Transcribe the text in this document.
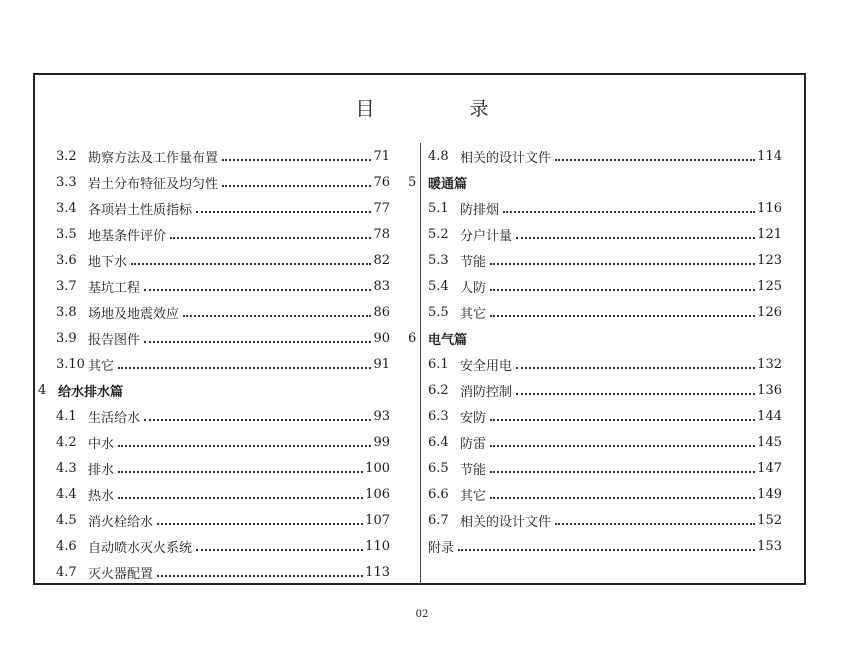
目　录
3.2 勘察方法及工作量布置	71
3.3 岩土分布特征及均匀性	76
3.4 各项岩土性质指标	77
3.5 地基条件评价	78
3.6 地下水	82
3.7 基坑工程	83
3.8 场地及地震效应	86
3.9 报告图件	90
3.10 其它	91
4 给水排水篇
4.1 生活给水	93
4.2 中水	99
4.3 排水	100
4.4 热水	106
4.5 消火栓给水	107
4.6 自动喷水灭火系统	110
4.7 灭火器配置	113
4.8 相关的设计文件	114
5 暖通篇
5.1 防排烟	116
5.2 分户计量	121
5.3 节能	123
5.4 人防	125
5.5 其它	126
6 电气篇
6.1 安全用电	132
6.2 消防控制	136
6.3 安防	144
6.4 防雷	145
6.5 节能	147
6.6 其它	149
6.7 相关的设计文件	152
附录	153
02
